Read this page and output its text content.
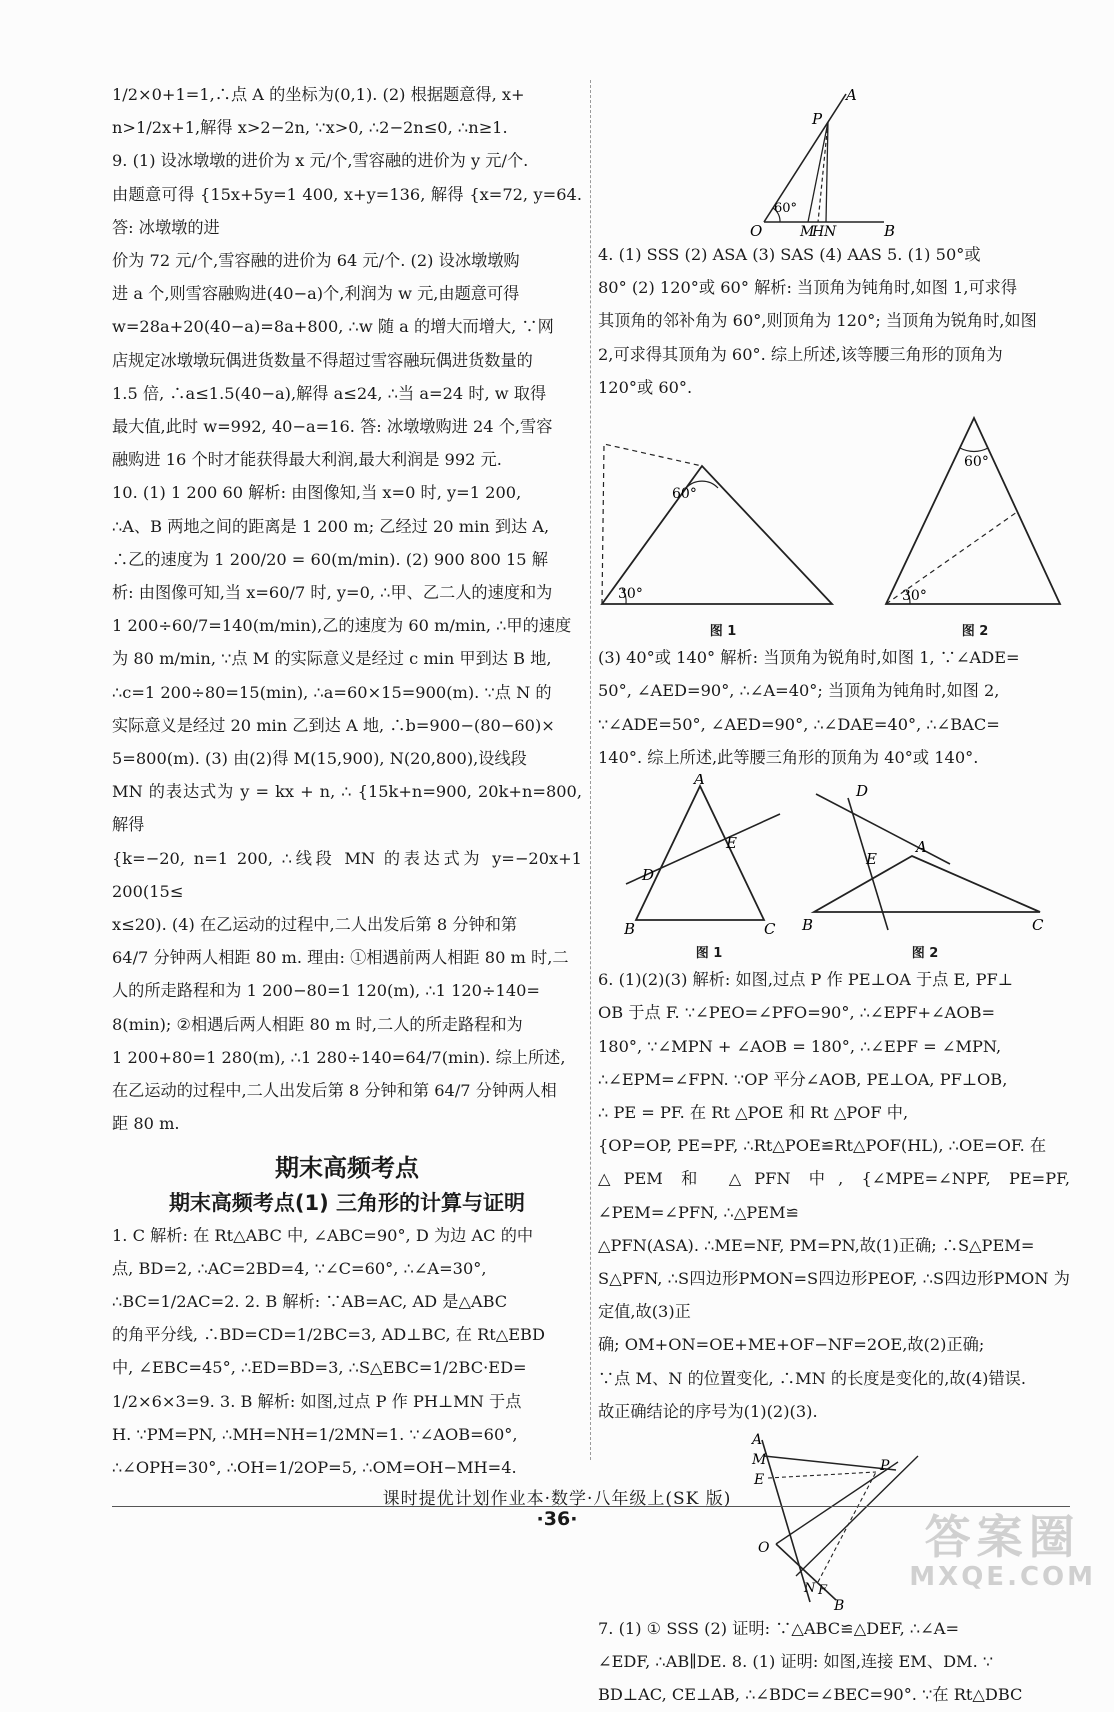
1/2×0+1=1,∴点 A 的坐标为(0,1). (2) 根据题意得, x+

n>1/2x+1,解得 x>2−2n, ∵x>0, ∴2−2n≤0, ∴n≥1.

9. (1) 设冰墩墩的进价为 x 元/个,雪容融的进价为 y 元/个.

由题意可得 {15x+5y=1 400, x+y=136, 解得 {x=72, y=64. 答: 冰墩墩的进

价为 72 元/个,雪容融的进价为 64 元/个. (2) 设冰墩墩购

进 a 个,则雪容融购进(40−a)个,利润为 w 元,由题意可得

w=28a+20(40−a)=8a+800, ∴w 随 a 的增大而增大, ∵网

店规定冰墩墩玩偶进货数量不得超过雪容融玩偶进货数量的

1.5 倍, ∴a≤1.5(40−a),解得 a≤24, ∴当 a=24 时, w 取得

最大值,此时 w=992, 40−a=16. 答: 冰墩墩购进 24 个,雪容

融购进 16 个时才能获得最大利润,最大利润是 992 元.

10. (1) 1 200 60 解析: 由图像知,当 x=0 时, y=1 200,

∴A、B 两地之间的距离是 1 200 m; 乙经过 20 min 到达 A,

∴乙的速度为 1 200/20 = 60(m/min). (2) 900 800 15 解

析: 由图像可知,当 x=60/7 时, y=0, ∴甲、乙二人的速度和为

1 200÷60/7=140(m/min),乙的速度为 60 m/min, ∴甲的速度

为 80 m/min, ∵点 M 的实际意义是经过 c min 甲到达 B 地,

∴c=1 200÷80=15(min), ∴a=60×15=900(m). ∵点 N 的

实际意义是经过 20 min 乙到达 A 地, ∴b=900−(80−60)×

5=800(m). (3) 由(2)得 M(15,900), N(20,800),设线段

MN 的表达式为 y = kx + n, ∴ {15k+n=900, 20k+n=800, 解得

{k=−20, n=1 200, ∴线段 MN 的表达式为 y=−20x+1 200(15≤

x≤20). (4) 在乙运动的过程中,二人出发后第 8 分钟和第

64/7 分钟两人相距 80 m. 理由: ①相遇前两人相距 80 m 时,二

人的所走路程和为 1 200−80=1 120(m), ∴1 120÷140=

8(min); ②相遇后两人相距 80 m 时,二人的所走路程和为

1 200+80=1 280(m), ∴1 280÷140=64/7(min). 综上所述,

在乙运动的过程中,二人出发后第 8 分钟和第 64/7 分钟两人相

距 80 m.

期末高频考点

期末高频考点(1) 三角形的计算与证明

1. C 解析: 在 Rt△ABC 中, ∠ABC=90°, D 为边 AC 的中

点, BD=2, ∴AC=2BD=4, ∵∠C=60°, ∴∠A=30°,

∴BC=1/2AC=2. 2. B 解析: ∵AB=AC, AD 是△ABC

的角平分线, ∴BD=CD=1/2BC=3, AD⊥BC, 在 Rt△EBD

中, ∠EBC=45°, ∴ED=BD=3, ∴S△EBC=1/2BC·ED=

1/2×6×3=9. 3. B 解析: 如图,过点 P 作 PH⊥MN 于点

H. ∵PM=PN, ∴MH=NH=1/2MN=1. ∵∠AOB=60°,

∴∠OPH=30°, ∴OH=1/2OP=5, ∴OM=OH−MH=4.

A
P
O	M
H N	B
60°

4. (1) SSS (2) ASA (3) SAS (4) AAS 5. (1) 50°或

80° (2) 120°或 60° 解析: 当顶角为钝角时,如图 1,可求得

其顶角的邻补角为 60°,则顶角为 120°; 当顶角为锐角时,如图

2,可求得其顶角为 60°. 综上所述,该等腰三角形的顶角为

120°或 60°.

60°
30°
图 1
60°
30°
图 2

(3) 40°或 140° 解析: 当顶角为锐角时,如图 1, ∵∠ADE=

50°, ∠AED=90°, ∴∠A=40°; 当顶角为钝角时,如图 2,

∵∠ADE=50°, ∠AED=90°, ∴∠DAE=40°, ∴∠BAC=

140°. 综上所述,此等腰三角形的顶角为 40°或 140°.

A
B	C
D
E
图 1
D
A
E
B	C
图 2

6. (1)(2)(3) 解析: 如图,过点 P 作 PE⊥OA 于点 E, PF⊥

OB 于点 F. ∵∠PEO=∠PFO=90°, ∴∠EPF+∠AOB=

180°, ∵∠MPN + ∠AOB = 180°, ∴∠EPF = ∠MPN,

∴∠EPM=∠FPN. ∵OP 平分∠AOB, PE⊥OA, PF⊥OB,

∴ PE = PF. 在 Rt △POE 和 Rt △POF 中,

{OP=OP, PE=PF, ∴Rt△POE≌Rt△POF(HL), ∴OE=OF. 在

△PEM 和 △PFN 中, {∠MPE=∠NPF, PE=PF, ∠PEM=∠PFN, ∴△PEM≌

△PFN(ASA). ∴ME=NF, PM=PN,故(1)正确; ∴S△PEM=

S△PFN, ∴S四边形PMON=S四边形PEOF, ∴S四边形PMON 为定值,故(3)正

确; OM+ON=OE+ME+OF−NF=2OE,故(2)正确;

∵点 M、N 的位置变化, ∴MN 的长度是变化的,故(4)错误.

故正确结论的序号为(1)(2)(3).

A
M
E
P
O
N F
B

7. (1) ① SSS (2) 证明: ∵△ABC≌△DEF, ∴∠A=

∠EDF, ∴AB∥DE. 8. (1) 证明: 如图,连接 EM、DM. ∵

BD⊥AC, CE⊥AB, ∴∠BDC=∠BEC=90°. ∵在 Rt△DBC

课时提优计划作业本·数学·八年级上(SK 版)
·36·	答案圈
MXQE.COM
